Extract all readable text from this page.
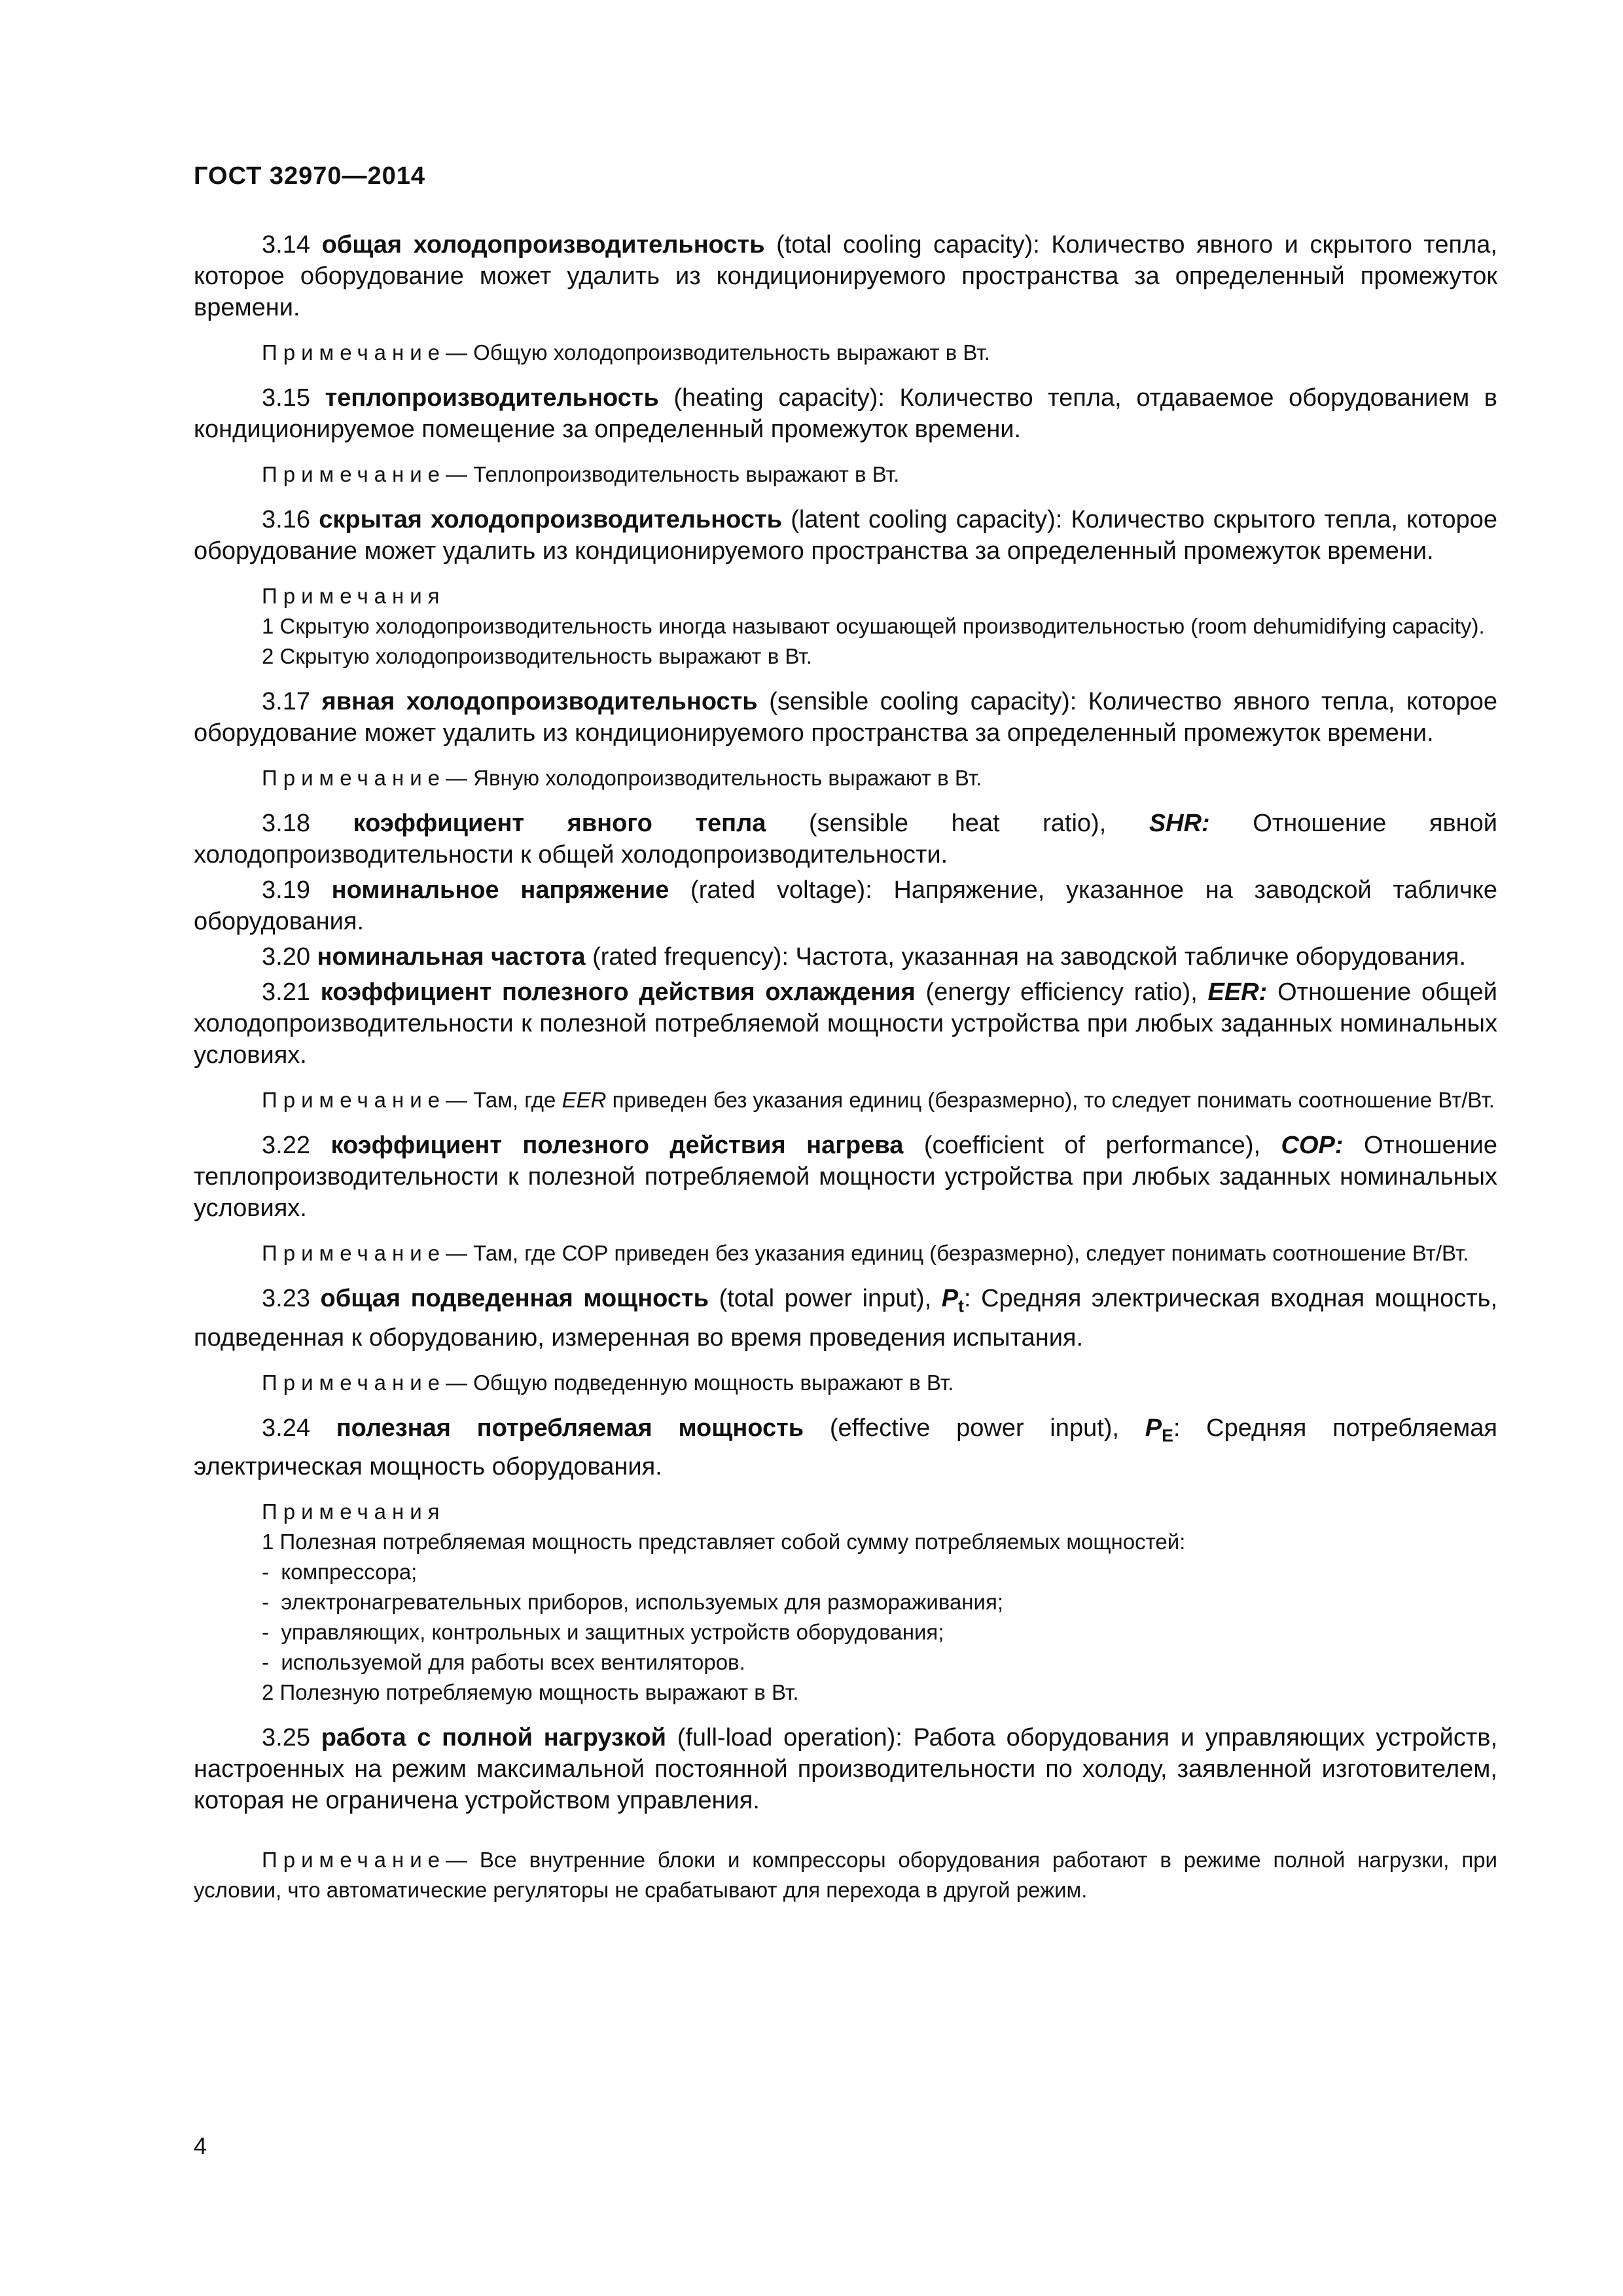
ГОСТ 32970—2014

3.14 общая холодопроизводительность (total cooling capacity): Количество явного и скрытого тепла, которое оборудование может удалить из кондиционируемого пространства за определенный промежуток времени.

Примечание— Общую холодопроизводительность выражают в Вт.

3.15 теплопроизводительность (heating capacity): Количество тепла, отдаваемое оборудованием в кондиционируемое помещение за определенный промежуток времени.

Примечание— Теплопроизводительность выражают в Вт.

3.16 скрытая холодопроизводительность (latent cooling capacity): Количество скрытого тепла, которое оборудование может удалить из кондиционируемого пространства за определенный промежуток времени.

Примечания
1 Скрытую холодопроизводительность иногда называют осушающей производительностью (room dehumidifying capacity).
2 Скрытую холодопроизводительность выражают в Вт.

3.17 явная холодопроизводительность (sensible cooling capacity): Количество явного тепла, которое оборудование может удалить из кондиционируемого пространства за определенный промежуток времени.

Примечание— Явную холодопроизводительность выражают в Вт.

3.18 коэффициент явного тепла (sensible heat ratio), SHR: Отношение явной холодопроизводительности к общей холодопроизводительности.

3.19 номинальное напряжение (rated voltage): Напряжение, указанное на заводской табличке оборудования.

3.20 номинальная частота (rated frequency): Частота, указанная на заводской табличке оборудования.

3.21 коэффициент полезного действия охлаждения (energy efficiency ratio), EER: Отношение общей холодопроизводительности к полезной потребляемой мощности устройства при любых заданных номинальных условиях.

Примечание— Там, где EER приведен без указания единиц (безразмерно), то следует понимать соотношение Вт/Вт.

3.22 коэффициент полезного действия нагрева (coefficient of performance), COP: Отношение теплопроизводительности к полезной потребляемой мощности устройства при любых заданных номинальных условиях.

Примечание— Там, где СОР приведен без указания единиц (безразмерно), следует понимать соотношение Вт/Вт.

3.23 общая подведенная мощность (total power input), $P_t$: Средняя электрическая входная мощность, подведенная к оборудованию, измеренная во время проведения испытания.

Примечание— Общую подведенную мощность выражают в Вт.

3.24 полезная потребляемая мощность (effective power input), $P_E$: Средняя потребляемая электрическая мощность оборудования.

Примечания
1 Полезная потребляемая мощность представляет собой сумму потребляемых мощностей:
- компрессора;
- электронагревательных приборов, используемых для размораживания;
- управляющих, контрольных и защитных устройств оборудования;
- используемой для работы всех вентиляторов.
2 Полезную потребляемую мощность выражают в Вт.

3.25 работа с полной нагрузкой (full-load operation): Работа оборудования и управляющих устройств, настроенных на режим максимальной постоянной производительности по холоду, заявленной изготовителем, которая не ограничена устройством управления.

Примечание— Все внутренние блоки и компрессоры оборудования работают в режиме полной нагрузки, при условии, что автоматические регуляторы не срабатывают для перехода в другой режим.

4
